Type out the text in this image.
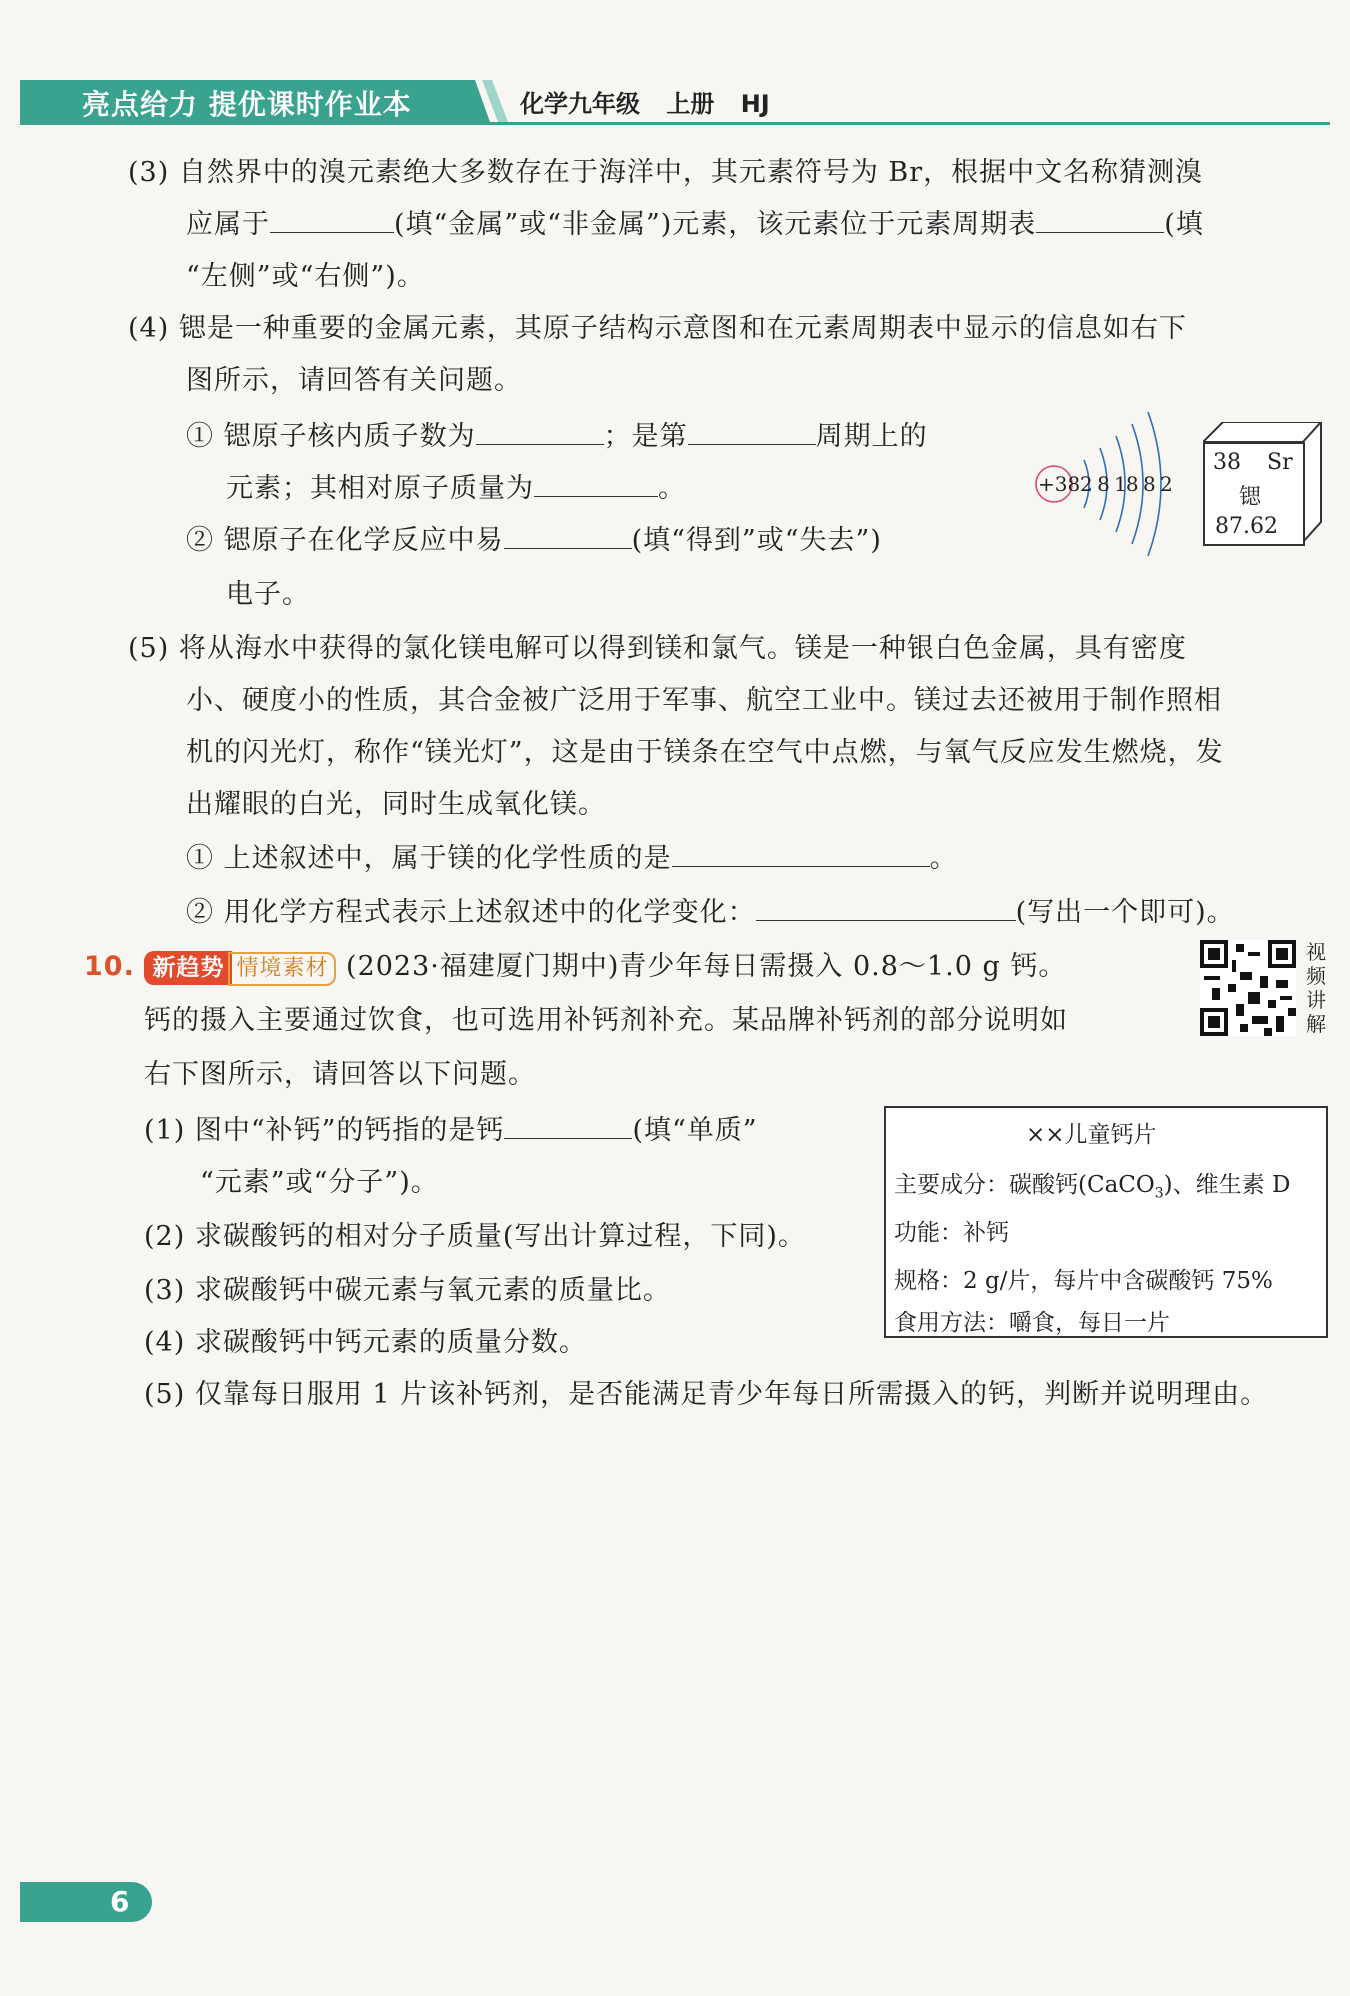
亮点给力 提优课时作业本	化学九年级 上册 HJ
(3) 自然界中的溴元素绝大多数存在于海洋中，其元素符号为 Br，根据中文名称猜测溴
应属于	(填“金属”或“非金属”)元素，该元素位于元素周期表	(填
“左侧”或“右侧”)。
(4) 锶是一种重要的金属元素，其原子结构示意图和在元素周期表中显示的信息如右下
图所示，请回答有关问题。
① 锶原子核内质子数为	；是第	周期上的
元素；其相对原子质量为	。
② 锶原子在化学反应中易	(填“得到”或“失去”)
电子。
+38 2 8 18 8 2
38 Sr
锶
87.62
(5) 将从海水中获得的氯化镁电解可以得到镁和氯气。镁是一种银白色金属，具有密度
小、硬度小的性质，其合金被广泛用于军事、航空工业中。镁过去还被用于制作照相
机的闪光灯，称作“镁光灯”，这是由于镁条在空气中点燃，与氧气反应发生燃烧，发
出耀眼的白光，同时生成氧化镁。
① 上述叙述中，属于镁的化学性质的是	。
② 用化学方程式表示上述叙述中的化学变化：	(写出一个即可)。
10. 新趋势 情境素材 (2023·福建厦门期中)青少年每日需摄入 0.8～1.0 g 钙。
钙的摄入主要通过饮食，也可选用补钙剂补充。某品牌补钙剂的部分说明如
右下图所示，请回答以下问题。
视频讲解
(1) 图中“补钙”的钙指的是钙	(填“单质”
“元素”或“分子”)。
(2) 求碳酸钙的相对分子质量(写出计算过程，下同)。
(3) 求碳酸钙中碳元素与氧元素的质量比。
(4) 求碳酸钙中钙元素的质量分数。
(5) 仅靠每日服用 1 片该补钙剂，是否能满足青少年每日所需摄入的钙，判断并说明理由。
××儿童钙片
主要成分：碳酸钙(CaCO$_3$)、维生素 D
功能：补钙
规格：2 g/片，每片中含碳酸钙 75%
食用方法：嚼食，每日一片
6
